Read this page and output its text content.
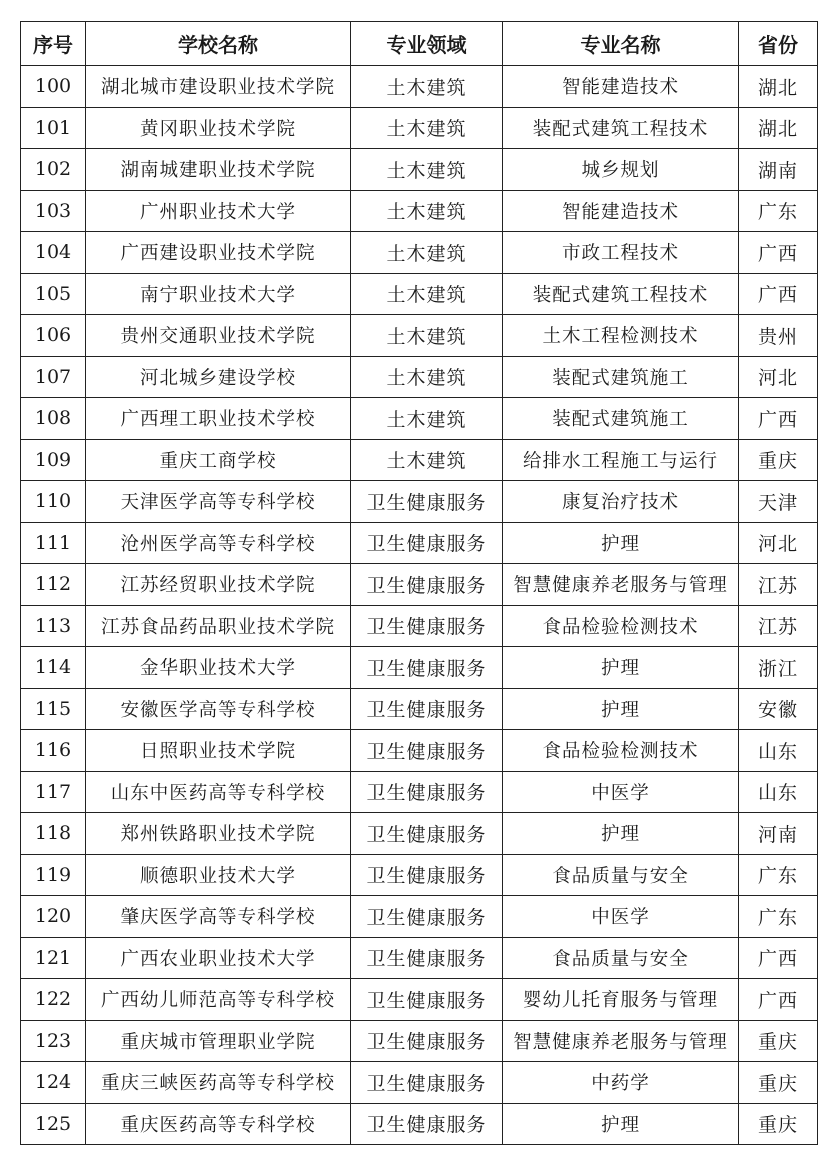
序号	学校名称	专业领域	专业名称	省份
100	湖北城市建设职业技术学院	土木建筑	智能建造技术	湖北
101	黄冈职业技术学院	土木建筑	装配式建筑工程技术	湖北
102	湖南城建职业技术学院	土木建筑	城乡规划	湖南
103	广州职业技术大学	土木建筑	智能建造技术	广东
104	广西建设职业技术学院	土木建筑	市政工程技术	广西
105	南宁职业技术大学	土木建筑	装配式建筑工程技术	广西
106	贵州交通职业技术学院	土木建筑	土木工程检测技术	贵州
107	河北城乡建设学校	土木建筑	装配式建筑施工	河北
108	广西理工职业技术学校	土木建筑	装配式建筑施工	广西
109	重庆工商学校	土木建筑	给排水工程施工与运行	重庆
110	天津医学高等专科学校	卫生健康服务	康复治疗技术	天津
111	沧州医学高等专科学校	卫生健康服务	护理	河北
112	江苏经贸职业技术学院	卫生健康服务	智慧健康养老服务与管理	江苏
113	江苏食品药品职业技术学院	卫生健康服务	食品检验检测技术	江苏
114	金华职业技术大学	卫生健康服务	护理	浙江
115	安徽医学高等专科学校	卫生健康服务	护理	安徽
116	日照职业技术学院	卫生健康服务	食品检验检测技术	山东
117	山东中医药高等专科学校	卫生健康服务	中医学	山东
118	郑州铁路职业技术学院	卫生健康服务	护理	河南
119	顺德职业技术大学	卫生健康服务	食品质量与安全	广东
120	肇庆医学高等专科学校	卫生健康服务	中医学	广东
121	广西农业职业技术大学	卫生健康服务	食品质量与安全	广西
122	广西幼儿师范高等专科学校	卫生健康服务	婴幼儿托育服务与管理	广西
123	重庆城市管理职业学院	卫生健康服务	智慧健康养老服务与管理	重庆
124	重庆三峡医药高等专科学校	卫生健康服务	中药学	重庆
125	重庆医药高等专科学校	卫生健康服务	护理	重庆
